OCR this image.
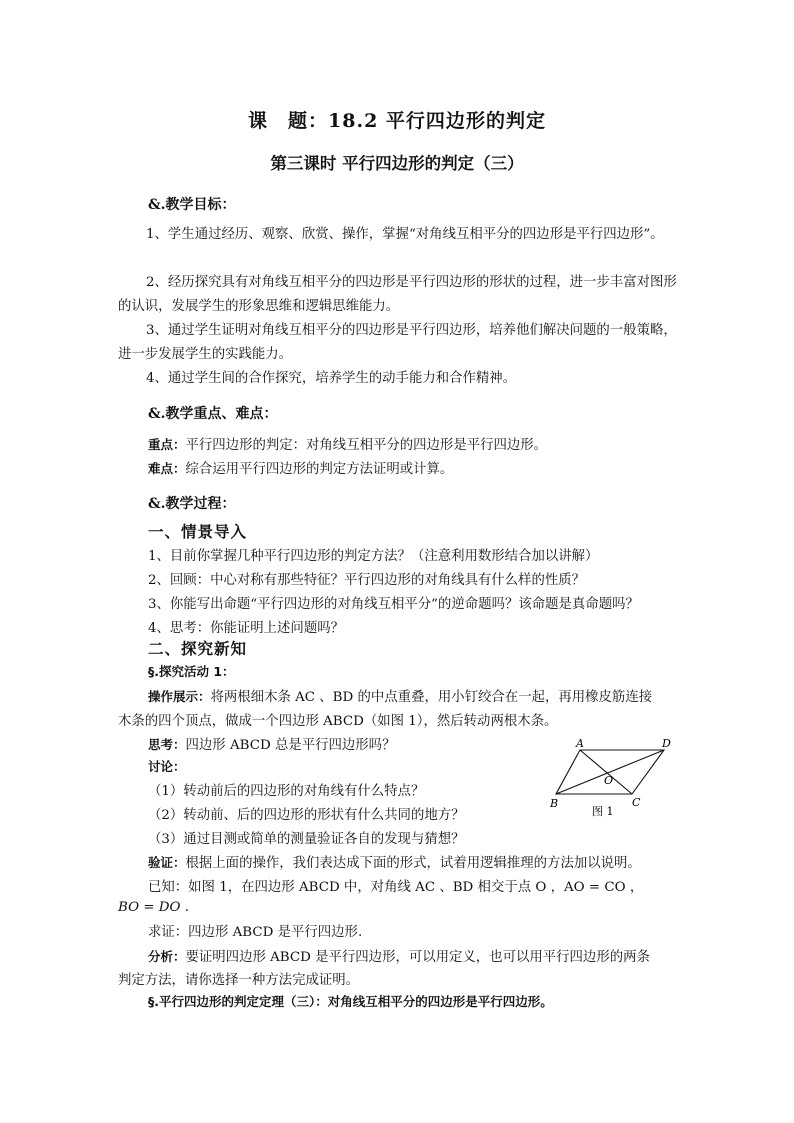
课　题：18.2 平行四边形的判定
第三课时 平行四边形的判定（三）
&.教学目标：
1、学生通过经历、观察、欣赏、操作，掌握“对角线互相平分的四边形是平行四边形”。
2、经历探究具有对角线互相平分的四边形是平行四边形的形状的过程，进一步丰富对图形的认识，发展学生的形象思维和逻辑思维能力。
3、通过学生证明对角线互相平分的四边形是平行四边形，培养他们解决问题的一般策略，进一步发展学生的实践能力。
4、通过学生间的合作探究，培养学生的动手能力和合作精神。
&.教学重点、难点：
重点：平行四边形的判定：对角线互相平分的四边形是平行四边形。
难点：综合运用平行四边形的判定方法证明或计算。
&.教学过程：
一、情景导入
1、目前你掌握几种平行四边形的判定方法？（注意利用数形结合加以讲解）
2、回顾：中心对称有那些特征？平行四边形的对角线具有什么样的性质？
3、你能写出命题“平行四边形的对角线互相平分”的逆命题吗？该命题是真命题吗？
4、思考：你能证明上述问题吗？
二、探究新知
§.探究活动 1：
操作展示：将两根细木条 AC 、BD 的中点重叠，用小钉绞合在一起，再用橡皮筋连接
木条的四个顶点，做成一个四边形 ABCD（如图 1），然后转动两根木条。
思考：四边形 ABCD 总是平行四边形吗？
讨论：
（1）转动前后的四边形的对角线有什么特点？
（2）转动前、后的四边形的形状有什么共同的地方？
（3）通过目测或简单的测量验证各自的发现与猜想？
验证：根据上面的操作，我们表达成下面的形式，试着用逻辑推理的方法加以说明。
已知：如图 1，在四边形 ABCD 中，对角线 AC 、BD 相交于点 O ，AO = CO ，
BO = DO .
求证：四边形 ABCD 是平行四边形.
分析：要证明四边形 ABCD 是平行四边形，可以用定义，也可以用平行四边形的两条
判定方法，请你选择一种方法完成证明。
§.平行四边形的判定定理（三）：对角线互相平分的四边形是平行四边形。
A	D
B	C
O
图 1
